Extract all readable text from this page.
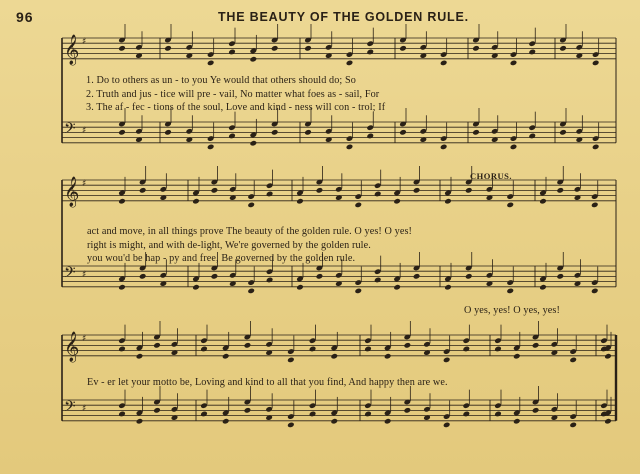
96	THE BEAUTY OF THE GOLDEN RULE.
𝄞 ♯
𝄢 ♯
𝄞 ♯
𝄢 ♯
𝄞 ♯
𝄢 ♯
1. Do to others as un - to you Ye would that others should do; So
2. Truth and jus - tice will pre - vail, No matter what foes as - sail, For
3. The af - fec - tions of the soul, Love and kind - ness will con - trol; If
CHORUS.
act and move, in all things prove The beauty of the golden rule. O yes! O yes!
right is might, and with de-light, We're governed by the golden rule.
you wou'd be hap - py and free, Be governed by the golden rule.
O yes, yes! O yes, yes!
Ev - er let your motto be, Loving and kind to all that you find, And happy then are we.
